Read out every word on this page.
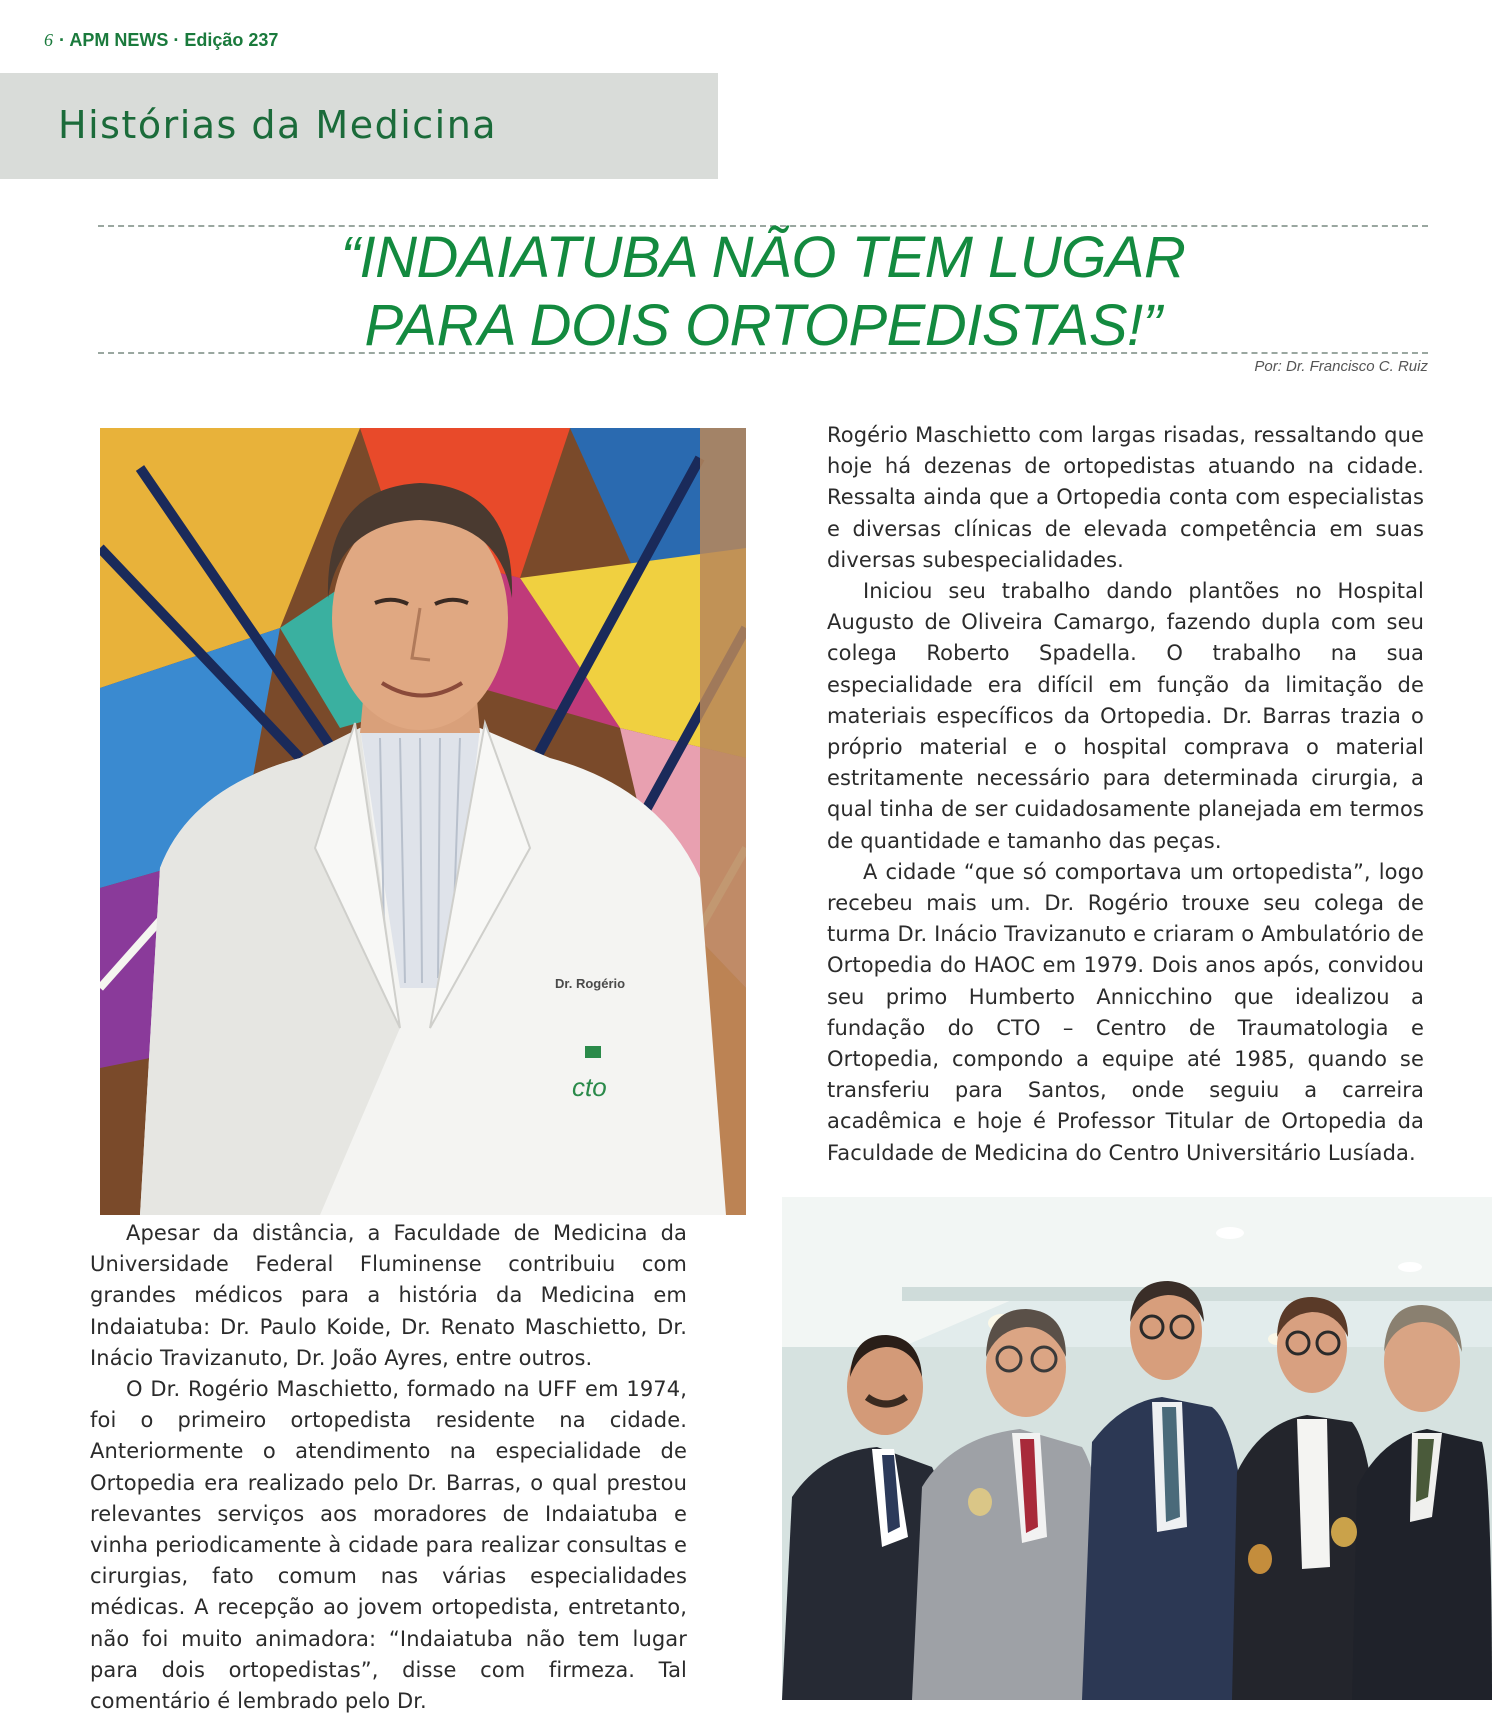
6 · APM NEWS · Edição 237
Histórias da Medicina
“INDAIATUBA NÃO TEM LUGAR
PARA DOIS ORTOPEDISTAS!”
Por: Dr. Francisco C. Ruiz
Dr. Rogério
cto

Rogério Maschietto com largas risadas, ressaltando que hoje há dezenas de ortopedistas atuando na cidade. Ressalta ainda que a Ortopedia conta com especialistas e diversas clínicas de elevada competência em suas diversas subespecialidades.

Iniciou seu trabalho dando plantões no Hospital Augusto de Oliveira Camargo, fazendo dupla com seu colega Roberto Spadella. O trabalho na sua especialidade era difícil em função da limitação de materiais específicos da Ortopedia. Dr. Barras trazia o próprio material e o hospital comprava o material estritamente necessário para determinada cirurgia, a qual tinha de ser cuidadosamente planejada em termos de quantidade e tamanho das peças.

A cidade “que só comportava um ortopedista”, logo recebeu mais um. Dr. Rogério trouxe seu colega de turma Dr. Inácio Travizanuto e criaram o Ambulatório de Ortopedia do HAOC em 1979. Dois anos após, convidou seu primo Humberto Annicchino que idealizou a fundação do CTO – Centro de Traumatologia e Ortopedia, compondo a equipe até 1985, quando se transferiu para Santos, onde seguiu a carreira acadêmica e hoje é Professor Titular de Ortopedia da Faculdade de Medicina do Centro Universitário Lusíada.

Apesar da distância, a Faculdade de Medicina da Universidade Federal Fluminense contribuiu com grandes médicos para a história da Medicina em Indaiatuba: Dr. Paulo Koide, Dr. Renato Maschietto, Dr. Inácio Travizanuto, Dr. João Ayres, entre outros.

O Dr. Rogério Maschietto, formado na UFF em 1974, foi o primeiro ortopedista residente na cidade. Anteriormente o atendimento na especialidade de Ortopedia era realizado pelo Dr. Barras, o qual prestou relevantes serviços aos moradores de Indaiatuba e vinha periodicamente à cidade para realizar consultas e cirurgias, fato comum nas várias especialidades médicas. A recepção ao jovem ortopedista, entretanto, não foi muito animadora: “Indaiatuba não tem lugar para dois ortopedistas”, disse com firmeza. Tal comentário é lembrado pelo Dr.
